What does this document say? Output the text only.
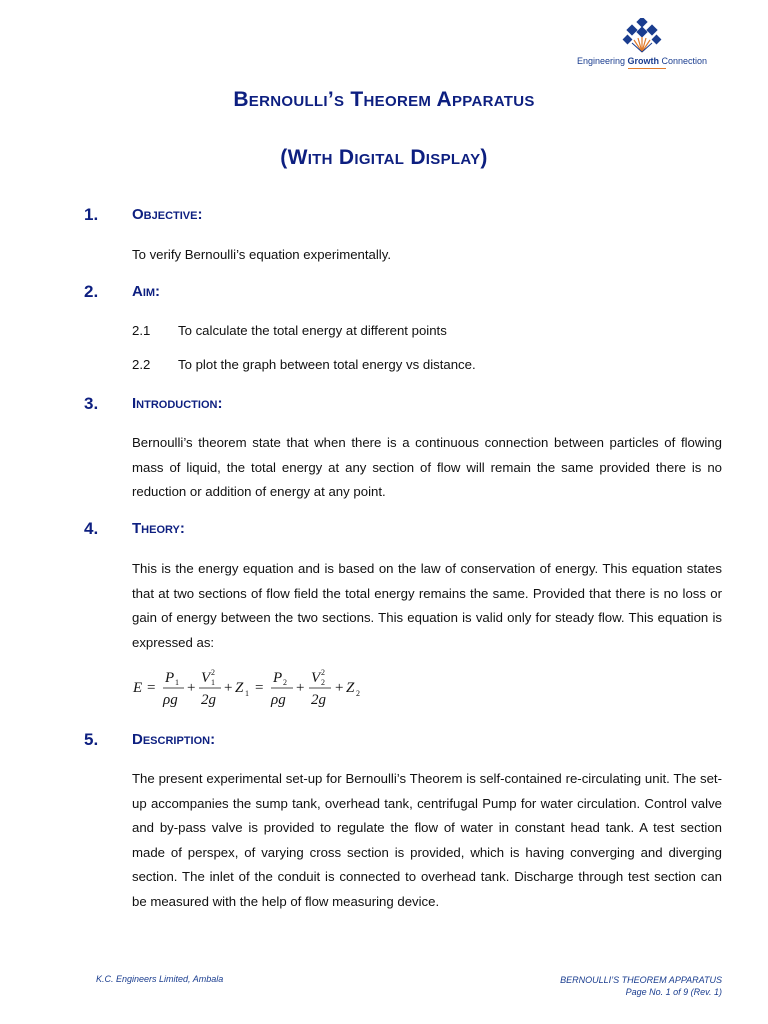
Engineering Growth Connection
Bernoulli’s Theorem Apparatus
(With Digital Display)
1. Objective:
To verify Bernoulli’s equation experimentally.
2. Aim:
2.1 To calculate the total energy at different points
2.2 To plot the graph between total energy vs distance.
3. Introduction:
Bernoulli’s theorem state that when there is a continuous connection between particles of flowing mass of liquid, the total energy at any section of flow will remain the same provided there is no reduction or addition of energy at any point.
4. Theory:
This is the energy equation and is based on the law of conservation of energy. This equation states that at two sections of flow field the total energy remains the same. Provided that there is no loss or gain of energy between the two sections. This equation is valid only for steady flow. This equation is expressed as:
E =
P 1
ρg
+
V 2
1
2g
+ Z 1 =
P 2
ρg
+
V 2
2
2g
+ Z 2
5. Description:
The present experimental set-up for Bernoulli’s Theorem is self-contained re-circulating unit. The set-up accompanies the sump tank, overhead tank, centrifugal Pump for water circulation. Control valve and by-pass valve is provided to regulate the flow of water in constant head tank. A test section made of perspex, of varying cross section is provided, which is having converging and diverging section. The inlet of the conduit is connected to overhead tank. Discharge through test section can be measured with the help of flow measuring device.
K.C. Engineers Limited, Ambala	BERNOULLI’S THEOREM APPARATUS
Page No. 1 of 9 (Rev. 1)
